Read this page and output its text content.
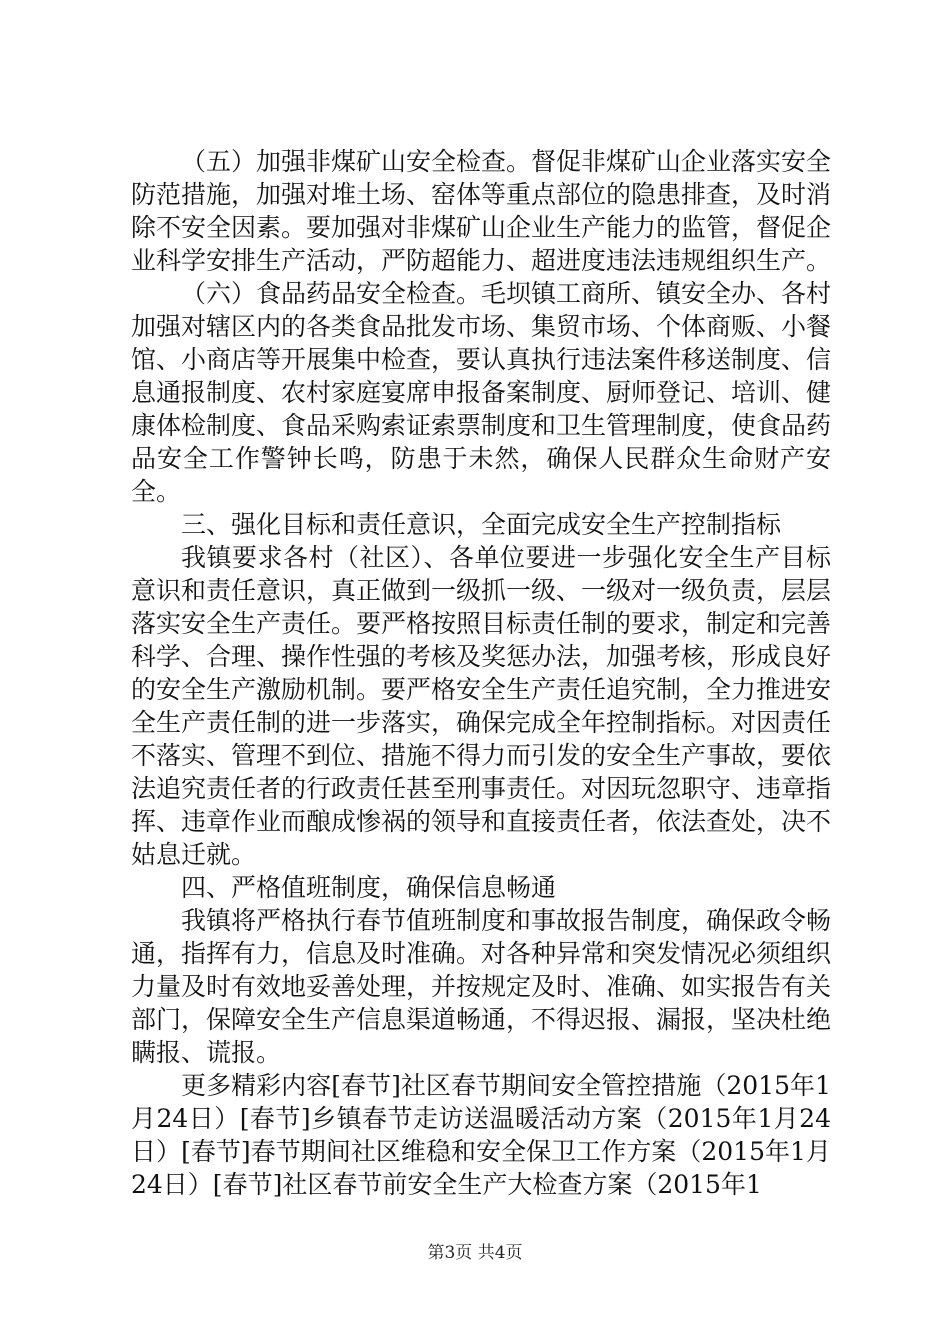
（五）加强非煤矿山安全检查。督促非煤矿山企业落实安全防范措施，加强对堆土场、窑体等重点部位的隐患排查，及时消除不安全因素。要加强对非煤矿山企业生产能力的监管，督促企业科学安排生产活动，严防超能力、超进度违法违规组织生产。

（六）食品药品安全检查。毛坝镇工商所、镇安全办、各村加强对辖区内的各类食品批发市场、集贸市场、个体商贩、小餐馆、小商店等开展集中检查，要认真执行违法案件移送制度、信息通报制度、农村家庭宴席申报备案制度、厨师登记、培训、健康体检制度、食品采购索证索票制度和卫生管理制度，使食品药品安全工作警钟长鸣，防患于未然，确保人民群众生命财产安全。

三、强化目标和责任意识，全面完成安全生产控制指标

我镇要求各村（社区）、各单位要进一步强化安全生产目标意识和责任意识，真正做到一级抓一级、一级对一级负责，层层落实安全生产责任。要严格按照目标责任制的要求，制定和完善科学、合理、操作性强的考核及奖惩办法，加强考核，形成良好的安全生产激励机制。要严格安全生产责任追究制，全力推进安全生产责任制的进一步落实，确保完成全年控制指标。对因责任不落实、管理不到位、措施不得力而引发的安全生产事故，要依法追究责任者的行政责任甚至刑事责任。对因玩忽职守、违章指挥、违章作业而酿成惨祸的领导和直接责任者，依法查处，决不姑息迁就。

四、严格值班制度，确保信息畅通

我镇将严格执行春节值班制度和事故报告制度，确保政令畅通，指挥有力，信息及时准确。对各种异常和突发情况必须组织力量及时有效地妥善处理，并按规定及时、准确、如实报告有关部门，保障安全生产信息渠道畅通，不得迟报、漏报，坚决杜绝瞒报、谎报。

更多精彩内容[春节]社区春节期间安全管控措施（2015年1月24日）[春节]乡镇春节走访送温暖活动方案（2015年1月24日）[春节]春节期间社区维稳和安全保卫工作方案（2015年1月24日）[春节]社区春节前安全生产大检查方案（2015年1

第3页 共4页
